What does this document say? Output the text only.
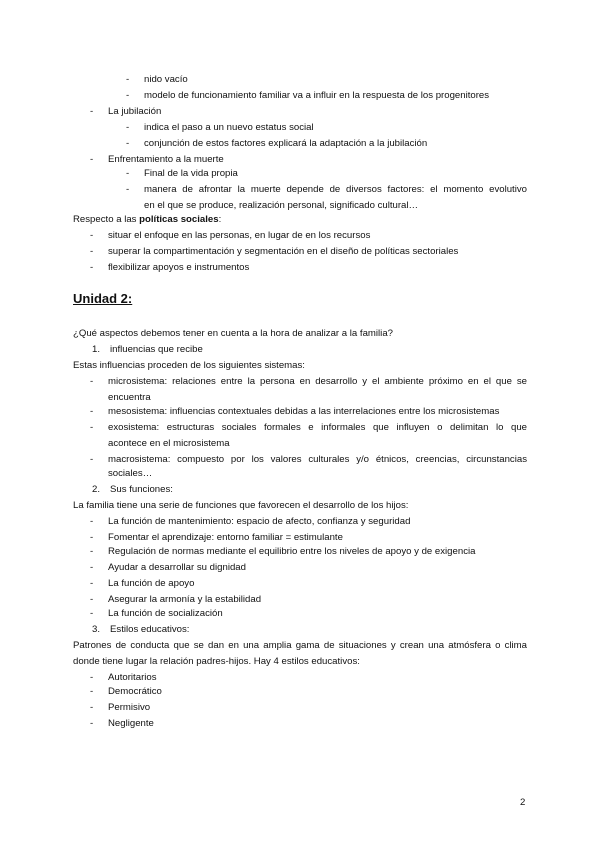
- nido vacío
- modelo de funcionamiento familiar va a influir en la respuesta de los progenitores
- La jubilación
- indica el paso a un nuevo estatus social
- conjunción de estos factores explicará la adaptación a la jubilación
- Enfrentamiento a la muerte
- Final de la vida propia
- manera de afrontar la muerte depende de diversos factores: el momento evolutivo
en el que se produce, realización personal, significado cultural…
Respecto a las políticas sociales:
- situar el enfoque en las personas, en lugar de en los recursos
- superar la compartimentación y segmentación en el diseño de políticas sectoriales
- flexibilizar apoyos e instrumentos
Unidad 2:
¿Qué aspectos debemos tener en cuenta a la hora de analizar a la familia?
1. influencias que recibe
Estas influencias proceden de los siguientes sistemas:
- microsistema: relaciones entre la persona en desarrollo y el ambiente próximo en el que se
encuentra
- mesosistema: influencias contextuales debidas a las interrelaciones entre los microsistemas
- exosistema: estructuras sociales formales e informales que influyen o delimitan lo que
acontece en el microsistema
- macrosistema: compuesto por los valores culturales y/o étnicos, creencias, circunstancias
sociales…
2. Sus funciones:
La familia tiene una serie de funciones que favorecen el desarrollo de los hijos:
- La función de mantenimiento: espacio de afecto, confianza y seguridad
- Fomentar el aprendizaje: entorno familiar = estimulante
- Regulación de normas mediante el equilibrio entre los niveles de apoyo y de exigencia
- Ayudar a desarrollar su dignidad
- La función de apoyo
- Asegurar la armonía y la estabilidad
- La función de socialización
3. Estilos educativos:
Patrones de conducta que se dan en una amplia gama de situaciones y crean una atmósfera o clima
donde tiene lugar la relación padres-hijos. Hay 4 estilos educativos:
- Autoritarios
- Democrático
- Permisivo
- Negligente
2
